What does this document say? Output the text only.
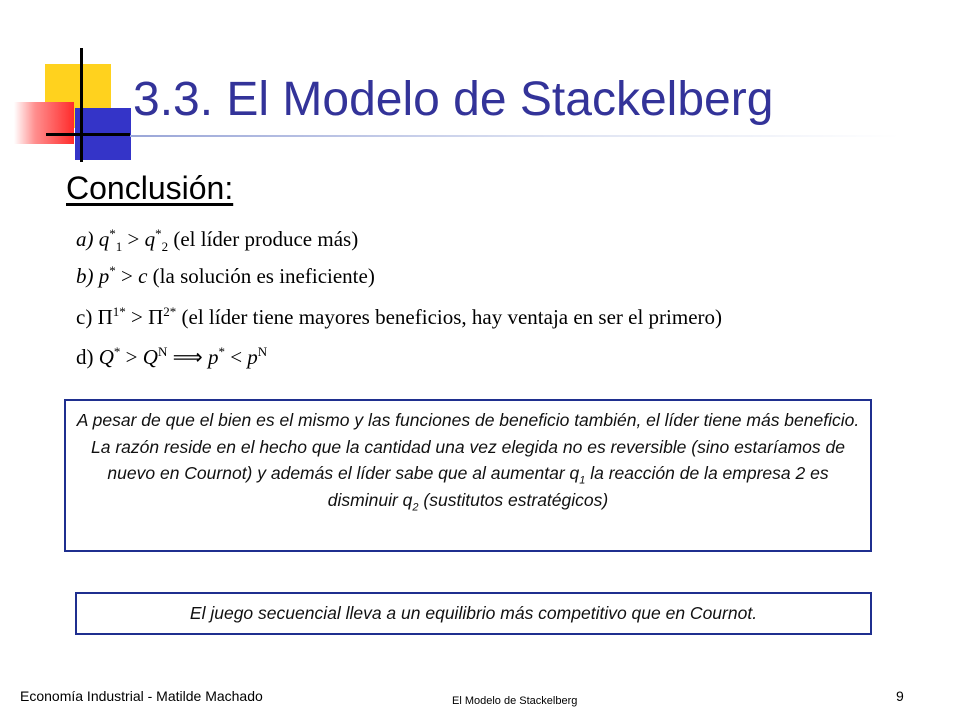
3.3. El Modelo de Stackelberg
Conclusión:
a) $q^*_1 > q^*_2$ (el líder produce más)
b) p* > c (la solución es ineficiente)
c) $\Pi^{1*} > \Pi^{2*}$ (el líder tiene mayores beneficios, hay ventaja en ser el primero)
d) $Q^* > Q^N$ ⟹ $p^* < p^N$
A pesar de que el bien es el mismo y las funciones de beneficio también, el líder tiene más beneficio. La razón reside en el hecho que la cantidad una vez elegida no es reversible (sino estaríamos de nuevo en Cournot) y además el líder sabe que al aumentar $q_1$ la reacción de la empresa 2 es disminuir $q_2$ (sustitutos estratégicos)
El juego secuencial lleva a un equilibrio más competitivo que en Cournot.
Economía Industrial - Matilde Machado	El Modelo de Stackelberg	9
